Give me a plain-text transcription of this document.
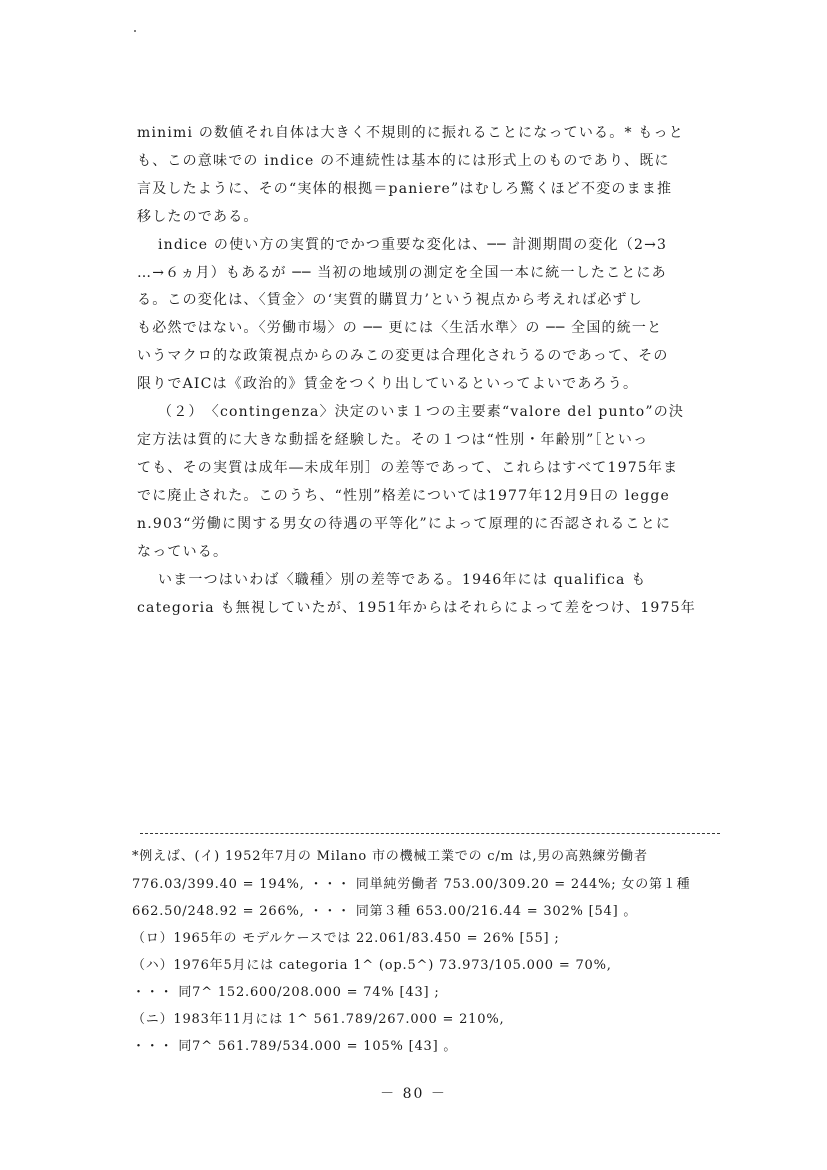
minimi の数値それ自体は大きく不規則的に振れることになっている。* もっと
も、この意味での indice の不連続性は基本的には形式上のものであり、既に
言及したように、その“実体的根拠＝paniere”はむしろ驚くほど不変のまま推
移したのである。
indice の使い方の実質的でかつ重要な変化は、── 計測期間の変化（2→3
…→６ヵ月）もあるが ── 当初の地域別の測定を全国一本に統一したことにあ
る。この変化は、〈賃金〉の‘実質的購買力’という視点から考えれば必ずし
も必然ではない。〈労働市場〉の ── 更には〈生活水準〉の ── 全国的統一と
いうマクロ的な政策視点からのみこの変更は合理化されうるのであって、その
限りでAICは《政治的》賃金をつくり出しているといってよいであろう。
（２）　〈contingenza〉決定のいま１つの主要素“valore del punto”の決
定方法は質的に大きな動揺を経験した。その１つは“性別・年齢別”［といっ
ても、その実質は成年―未成年別］の差等であって、これらはすべて1975年ま
でに廃止された。このうち、“性別”格差については1977年12月9日の legge
n.903“労働に関する男女の待遇の平等化”によって原理的に否認されることに
なっている。
いま一つはいわば〈職種〉別の差等である。1946年には qualifica も
categoria も無視していたが、1951年からはそれらによって差をつけ、1975年
*例えば、(イ) 1952年7月の Milano 市の機械工業での c/m は,男の高熟練労働者
776.03/399.40 = 194%, ・・・ 同単純労働者 753.00/309.20 = 244%; 女の第１種
662.50/248.92 = 266%, ・・・ 同第３種 653.00/216.44 = 302% [54] 。
（ロ）1965年の モデルケースでは 22.061/83.450 = 26% [55] ;
（ハ）1976年5月には categoria 1^ (op.5^) 73.973/105.000 = 70%,
・・・ 同7^ 152.600/208.000 = 74% [43] ;
（ニ）1983年11月には 1^ 561.789/267.000 = 210%,
・・・ 同7^ 561.789/534.000 = 105% [43] 。
－ 80 －
